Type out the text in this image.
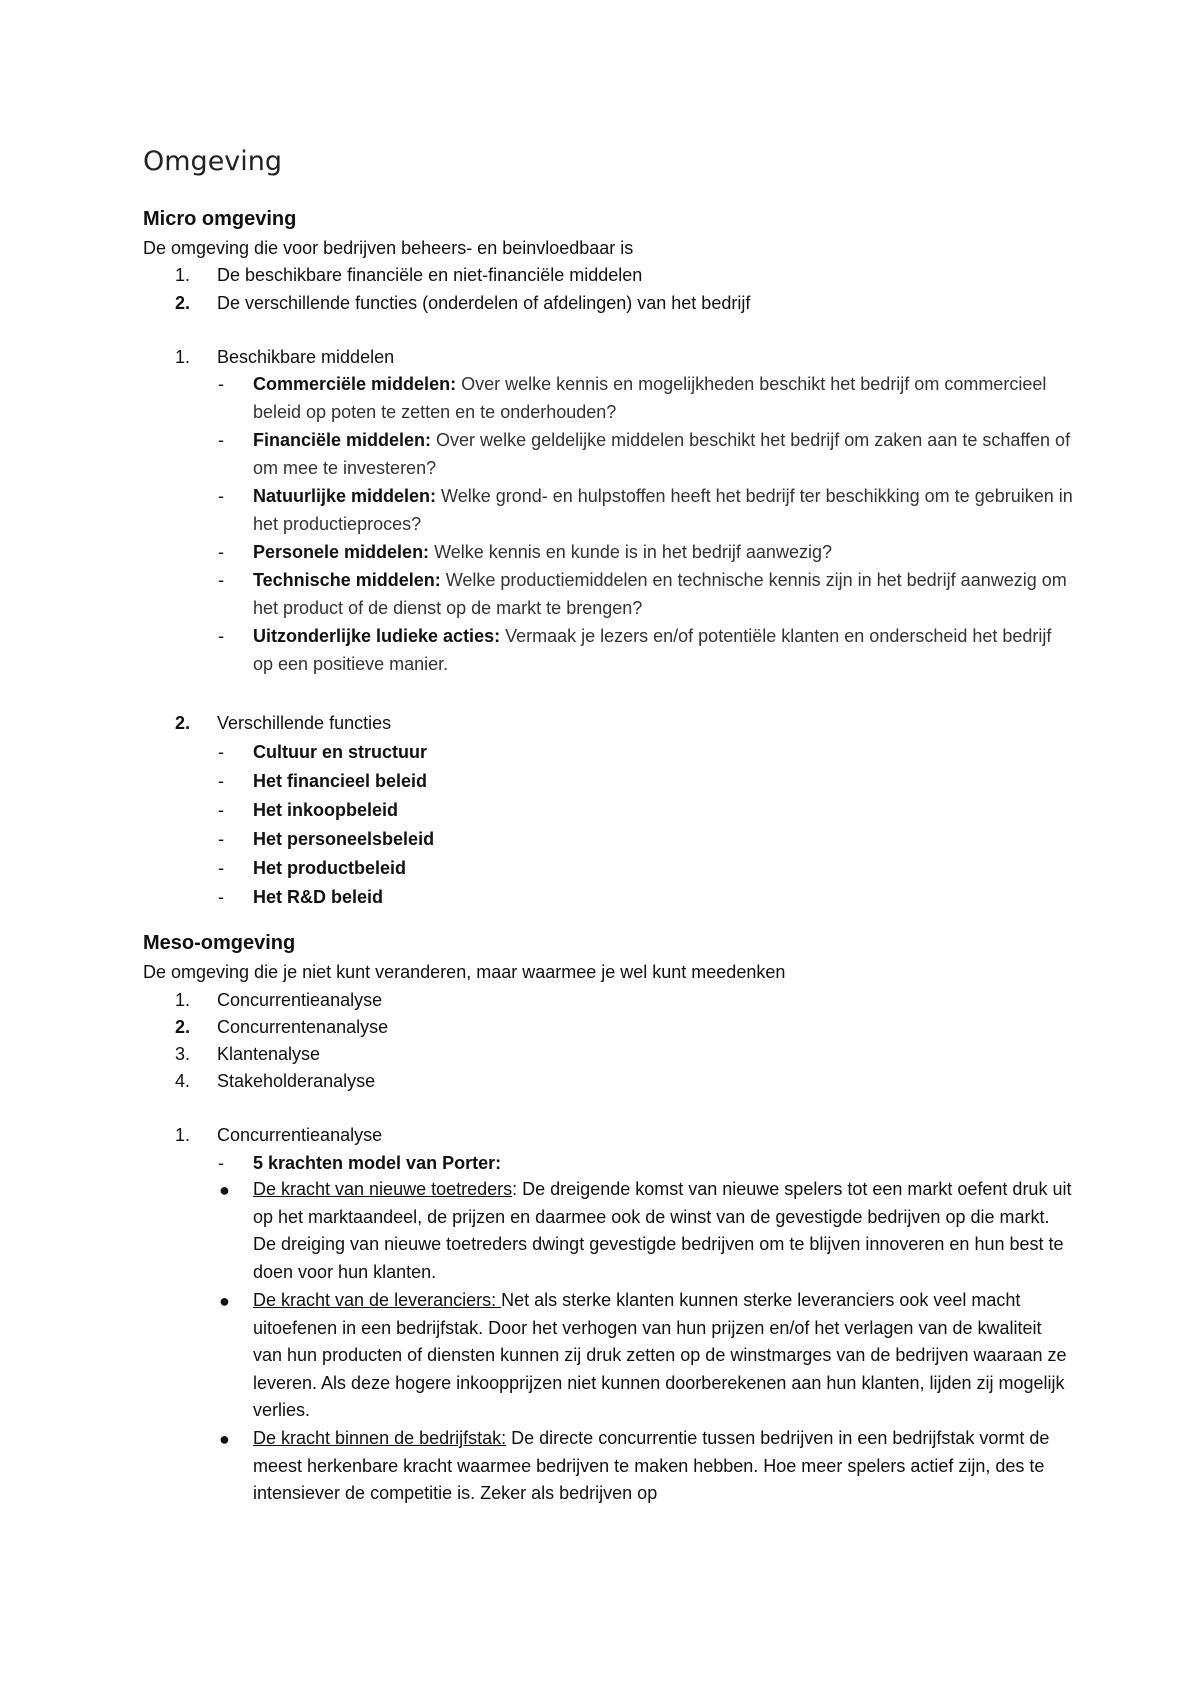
Omgeving
Micro omgeving
De omgeving die voor bedrijven beheers- en beinvloedbaar is
1. De beschikbare financiële en niet-financiële middelen
2. De verschillende functies (onderdelen of afdelingen) van het bedrijf
1. Beschikbare middelen
- Commerciële middelen: Over welke kennis en mogelijkheden beschikt het bedrijf om commercieel beleid op poten te zetten en te onderhouden?
- Financiële middelen: Over welke geldelijke middelen beschikt het bedrijf om zaken aan te schaffen of om mee te investeren?
- Natuurlijke middelen: Welke grond- en hulpstoffen heeft het bedrijf ter beschikking om te gebruiken in het productieproces?
- Personele middelen: Welke kennis en kunde is in het bedrijf aanwezig?
- Technische middelen: Welke productiemiddelen en technische kennis zijn in het bedrijf aanwezig om het product of de dienst op de markt te brengen?
- Uitzonderlijke ludieke acties: Vermaak je lezers en/of potentiële klanten en onderscheid het bedrijf op een positieve manier.
2. Verschillende functies
- Cultuur en structuur
- Het financieel beleid
- Het inkoopbeleid
- Het personeelsbeleid
- Het productbeleid
- Het R&D beleid
Meso-omgeving
De omgeving die je niet kunt veranderen, maar waarmee je wel kunt meedenken
1. Concurrentieanalyse
2. Concurrentenanalyse
3. Klantenalyse
4. Stakeholderanalyse
1. Concurrentieanalyse
- 5 krachten model van Porter:
● De kracht van nieuwe toetreders: De dreigende komst van nieuwe spelers tot een markt oefent druk uit op het marktaandeel, de prijzen en daarmee ook de winst van de gevestigde bedrijven op die markt. De dreiging van nieuwe toetreders dwingt gevestigde bedrijven om te blijven innoveren en hun best te doen voor hun klanten.
● De kracht van de leveranciers: Net als sterke klanten kunnen sterke leveranciers ook veel macht uitoefenen in een bedrijfstak. Door het verhogen van hun prijzen en/of het verlagen van de kwaliteit van hun producten of diensten kunnen zij druk zetten op de winstmarges van de bedrijven waaraan ze leveren. Als deze hogere inkoopprijzen niet kunnen doorberekenen aan hun klanten, lijden zij mogelijk verlies.
● De kracht binnen de bedrijfstak: De directe concurrentie tussen bedrijven in een bedrijfstak vormt de meest herkenbare kracht waarmee bedrijven te maken hebben. Hoe meer spelers actief zijn, des te intensiever de competitie is. Zeker als bedrijven op
